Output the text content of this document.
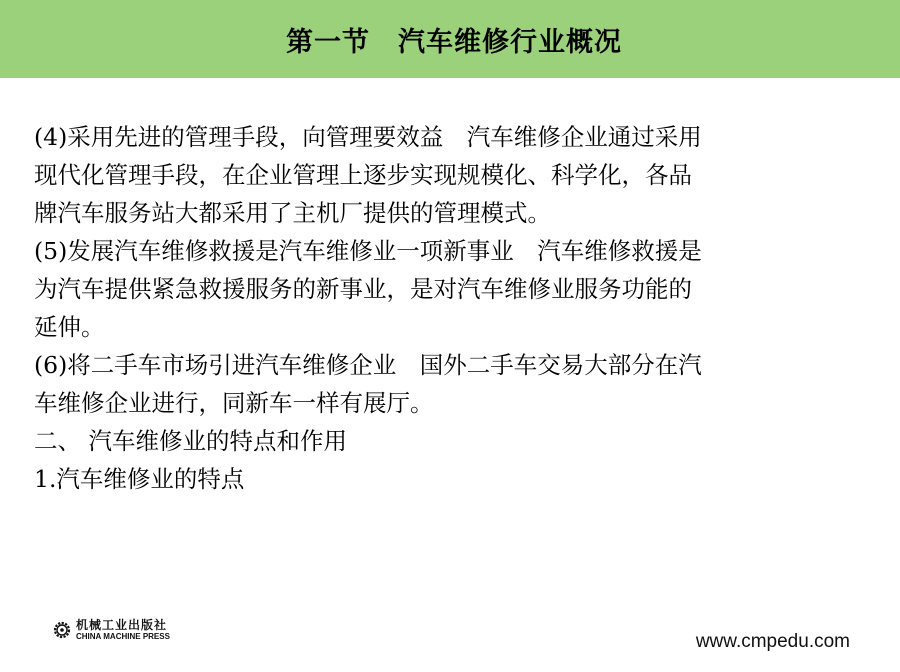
第一节　汽车维修行业概况
(4)采用先进的管理手段，向管理要效益　汽车维修企业通过采用
现代化管理手段，在企业管理上逐步实现规模化、科学化，各品
牌汽车服务站大都采用了主机厂提供的管理模式。
(5)发展汽车维修救援是汽车维修业一项新事业　汽车维修救援是
为汽车提供紧急救援服务的新事业，是对汽车维修业服务功能的
延伸。
(6)将二手车市场引进汽车维修企业　国外二手车交易大部分在汽
车维修企业进行，同新车一样有展厅。
二、 汽车维修业的特点和作用
1.汽车维修业的特点
机械工业出版社
CHINA MACHINE PRESS	www.cmpedu.com
